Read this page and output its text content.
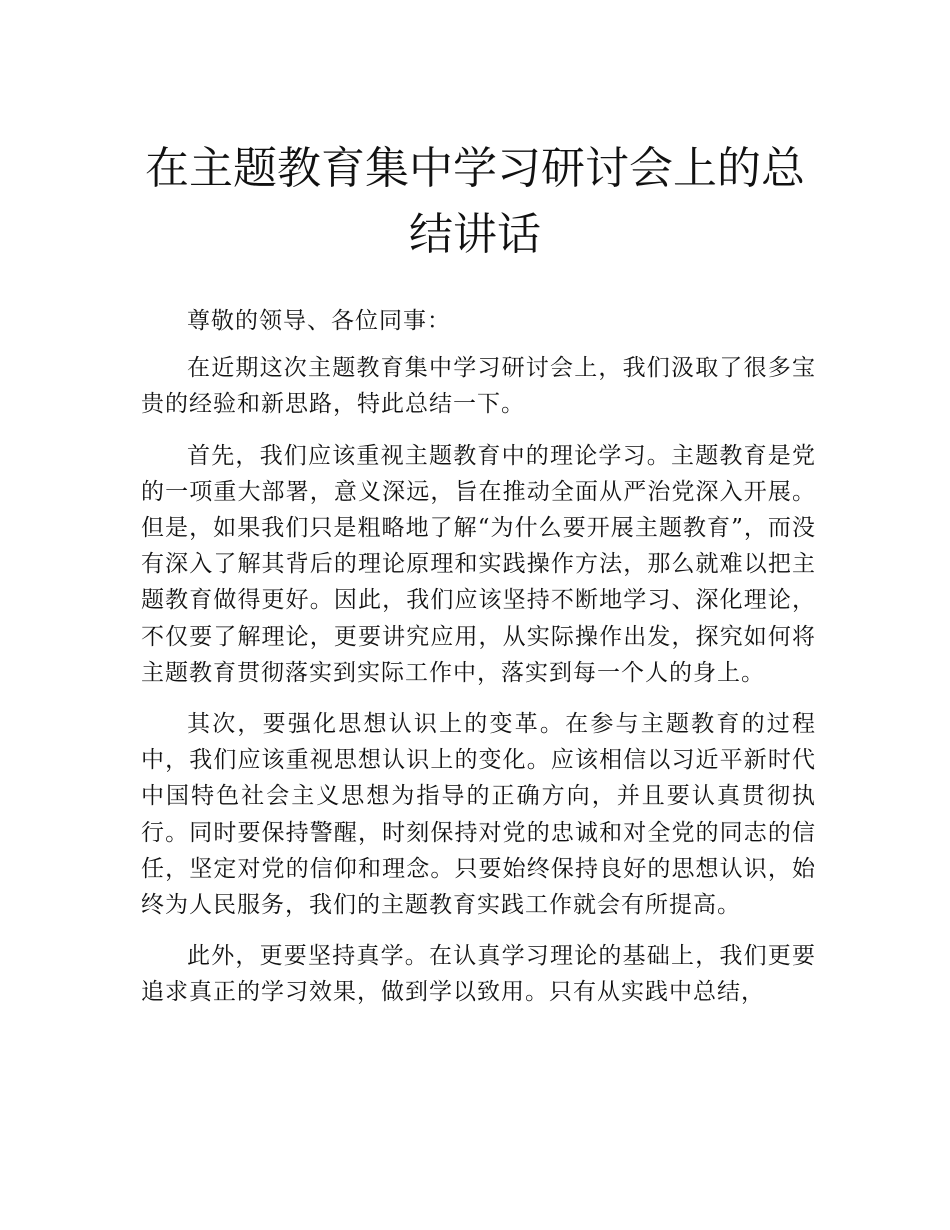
在主题教育集中学习研讨会上的总
结讲话

尊敬的领导、各位同事：

在近期这次主题教育集中学习研讨会上，我们汲取了很多宝贵的经验和新思路，特此总结一下。

首先，我们应该重视主题教育中的理论学习。主题教育是党的一项重大部署，意义深远，旨在推动全面从严治党深入开展。但是，如果我们只是粗略地了解“为什么要开展主题教育”，而没有深入了解其背后的理论原理和实践操作方法，那么就难以把主题教育做得更好。因此，我们应该坚持不断地学习、深化理论，不仅要了解理论，更要讲究应用，从实际操作出发，探究如何将主题教育贯彻落实到实际工作中，落实到每一个人的身上。

其次，要强化思想认识上的变革。在参与主题教育的过程中，我们应该重视思想认识上的变化。应该相信以习近平新时代中国特色社会主义思想为指导的正确方向，并且要认真贯彻执行。同时要保持警醒，时刻保持对党的忠诚和对全党的同志的信任，坚定对党的信仰和理念。只要始终保持良好的思想认识，始终为人民服务，我们的主题教育实践工作就会有所提高。

此外，更要坚持真学。在认真学习理论的基础上，我们更要追求真正的学习效果，做到学以致用。只有从实践中总结，
